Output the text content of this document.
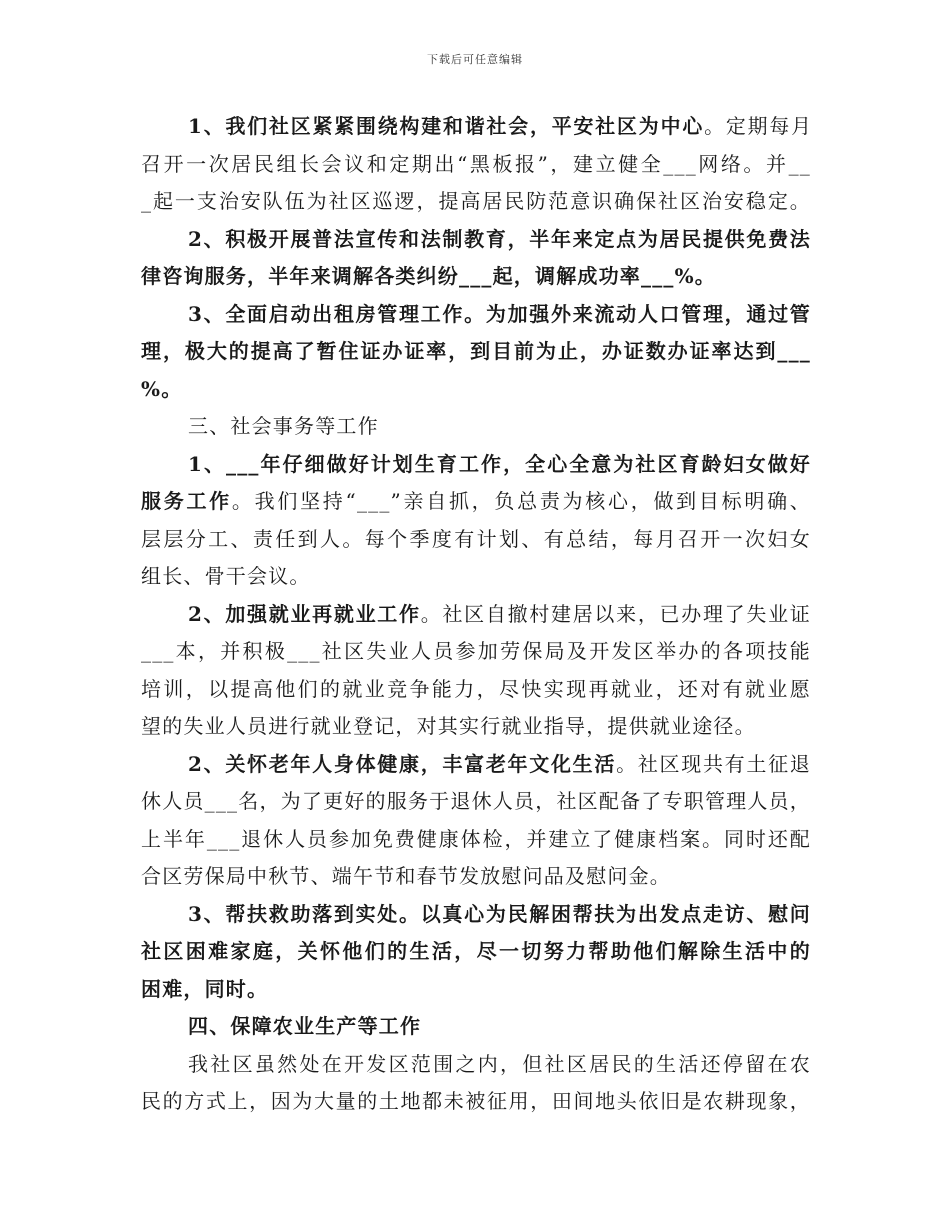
下载后可任意编辑
1、我们社区紧紧围绕构建和谐社会，平安社区为中心。定期每月
召开一次居民组长会议和定期出“黑板报”，建立健全___网络。并__
_起一支治安队伍为社区巡逻，提高居民防范意识确保社区治安稳定。
2、积极开展普法宣传和法制教育，半年来定点为居民提供免费法
律咨询服务，半年来调解各类纠纷___起，调解成功率___%。
3、全面启动出租房管理工作。为加强外来流动人口管理，通过管
理，极大的提高了暂住证办证率，到目前为止，办证数办证率达到___
%。
三、社会事务等工作
1、___年仔细做好计划生育工作，全心全意为社区育龄妇女做好
服务工作。我们坚持“___”亲自抓，负总责为核心，做到目标明确、
层层分工、责任到人。每个季度有计划、有总结，每月召开一次妇女
组长、骨干会议。
2、加强就业再就业工作。社区自撤村建居以来，已办理了失业证
___本，并积极___社区失业人员参加劳保局及开发区举办的各项技能
培训，以提高他们的就业竞争能力，尽快实现再就业，还对有就业愿
望的失业人员进行就业登记，对其实行就业指导，提供就业途径。
2、关怀老年人身体健康，丰富老年文化生活。社区现共有土征退
休人员___名，为了更好的服务于退休人员，社区配备了专职管理人员，
上半年___退休人员参加免费健康体检，并建立了健康档案。同时还配
合区劳保局中秋节、端午节和春节发放慰问品及慰问金。
3、帮扶救助落到实处。以真心为民解困帮扶为出发点走访、慰问
社区困难家庭，关怀他们的生活，尽一切努力帮助他们解除生活中的
困难，同时。
四、保障农业生产等工作
我社区虽然处在开发区范围之内，但社区居民的生活还停留在农
民的方式上，因为大量的土地都未被征用，田间地头依旧是农耕现象，
